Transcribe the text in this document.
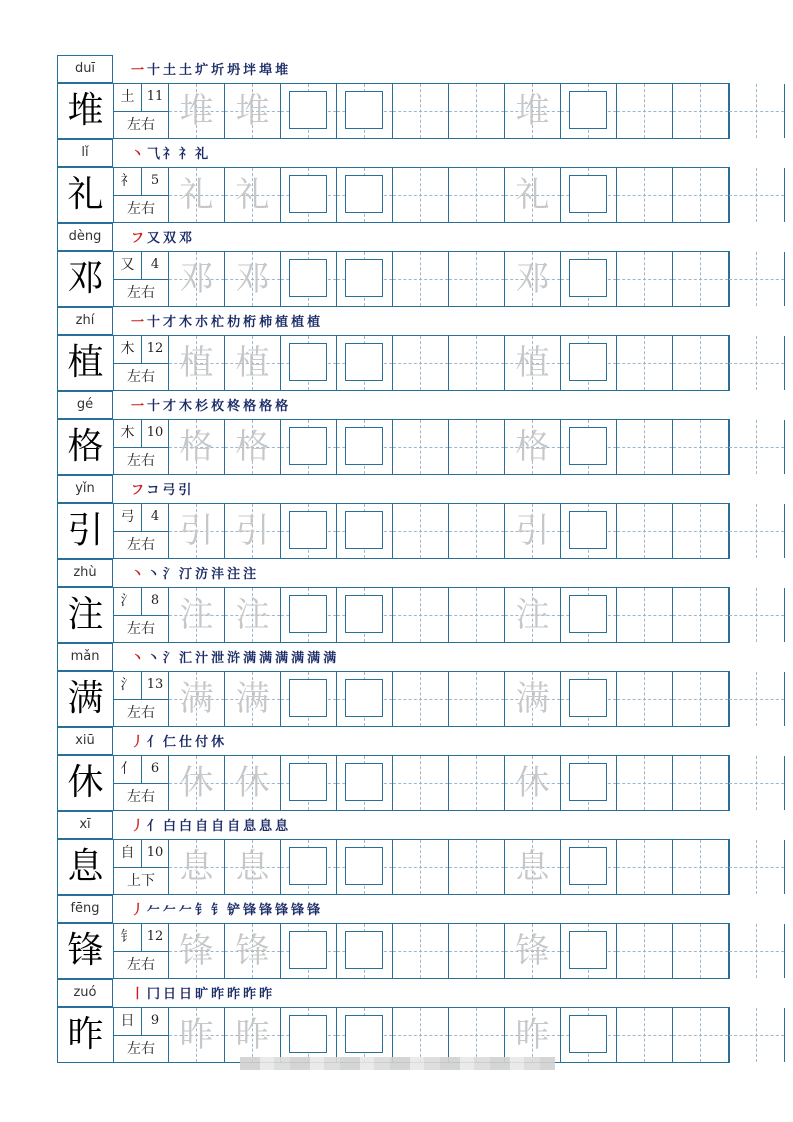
duī	一十土⼟圹圻坍坢埠堆
堆	土 11
左右 堆 堆	堆
lǐ	丶⺄礻礻礼
礼	礻	5
左右 礼 礼	礼
dèng	フ又双邓
邓	又	4
左右 邓 邓	邓
zhí	一十才木朩杧朸桁柿植植植
植	木 12
左右 植 植	植
gé	一十才木杉枚柊格格格
格	木 10
左右 格 格	格
yǐn	フコ弓引
引	弓	4
左右 引 引	引
zhù	丶丶氵汀汸沣注注
注	氵	8
左右 注 注	注
mǎn	丶丶氵汇汁泄浒满满满满满满
满	氵 13
左右 满 满	满
xiū	丿亻仁仕付休
休	亻	6
左右 休 休	休
xī	丿亻白白自自自息息息
息	自 10
上下 息 息	息
fēng	丿𠂉𠂉𠂉钅钅铲锋锋锋锋锋
锋	钅 12
左右 锋 锋	锋
zuó	丨冂日日旷昨昨昨昨
昨	日	9
左右 昨 昨	昨
